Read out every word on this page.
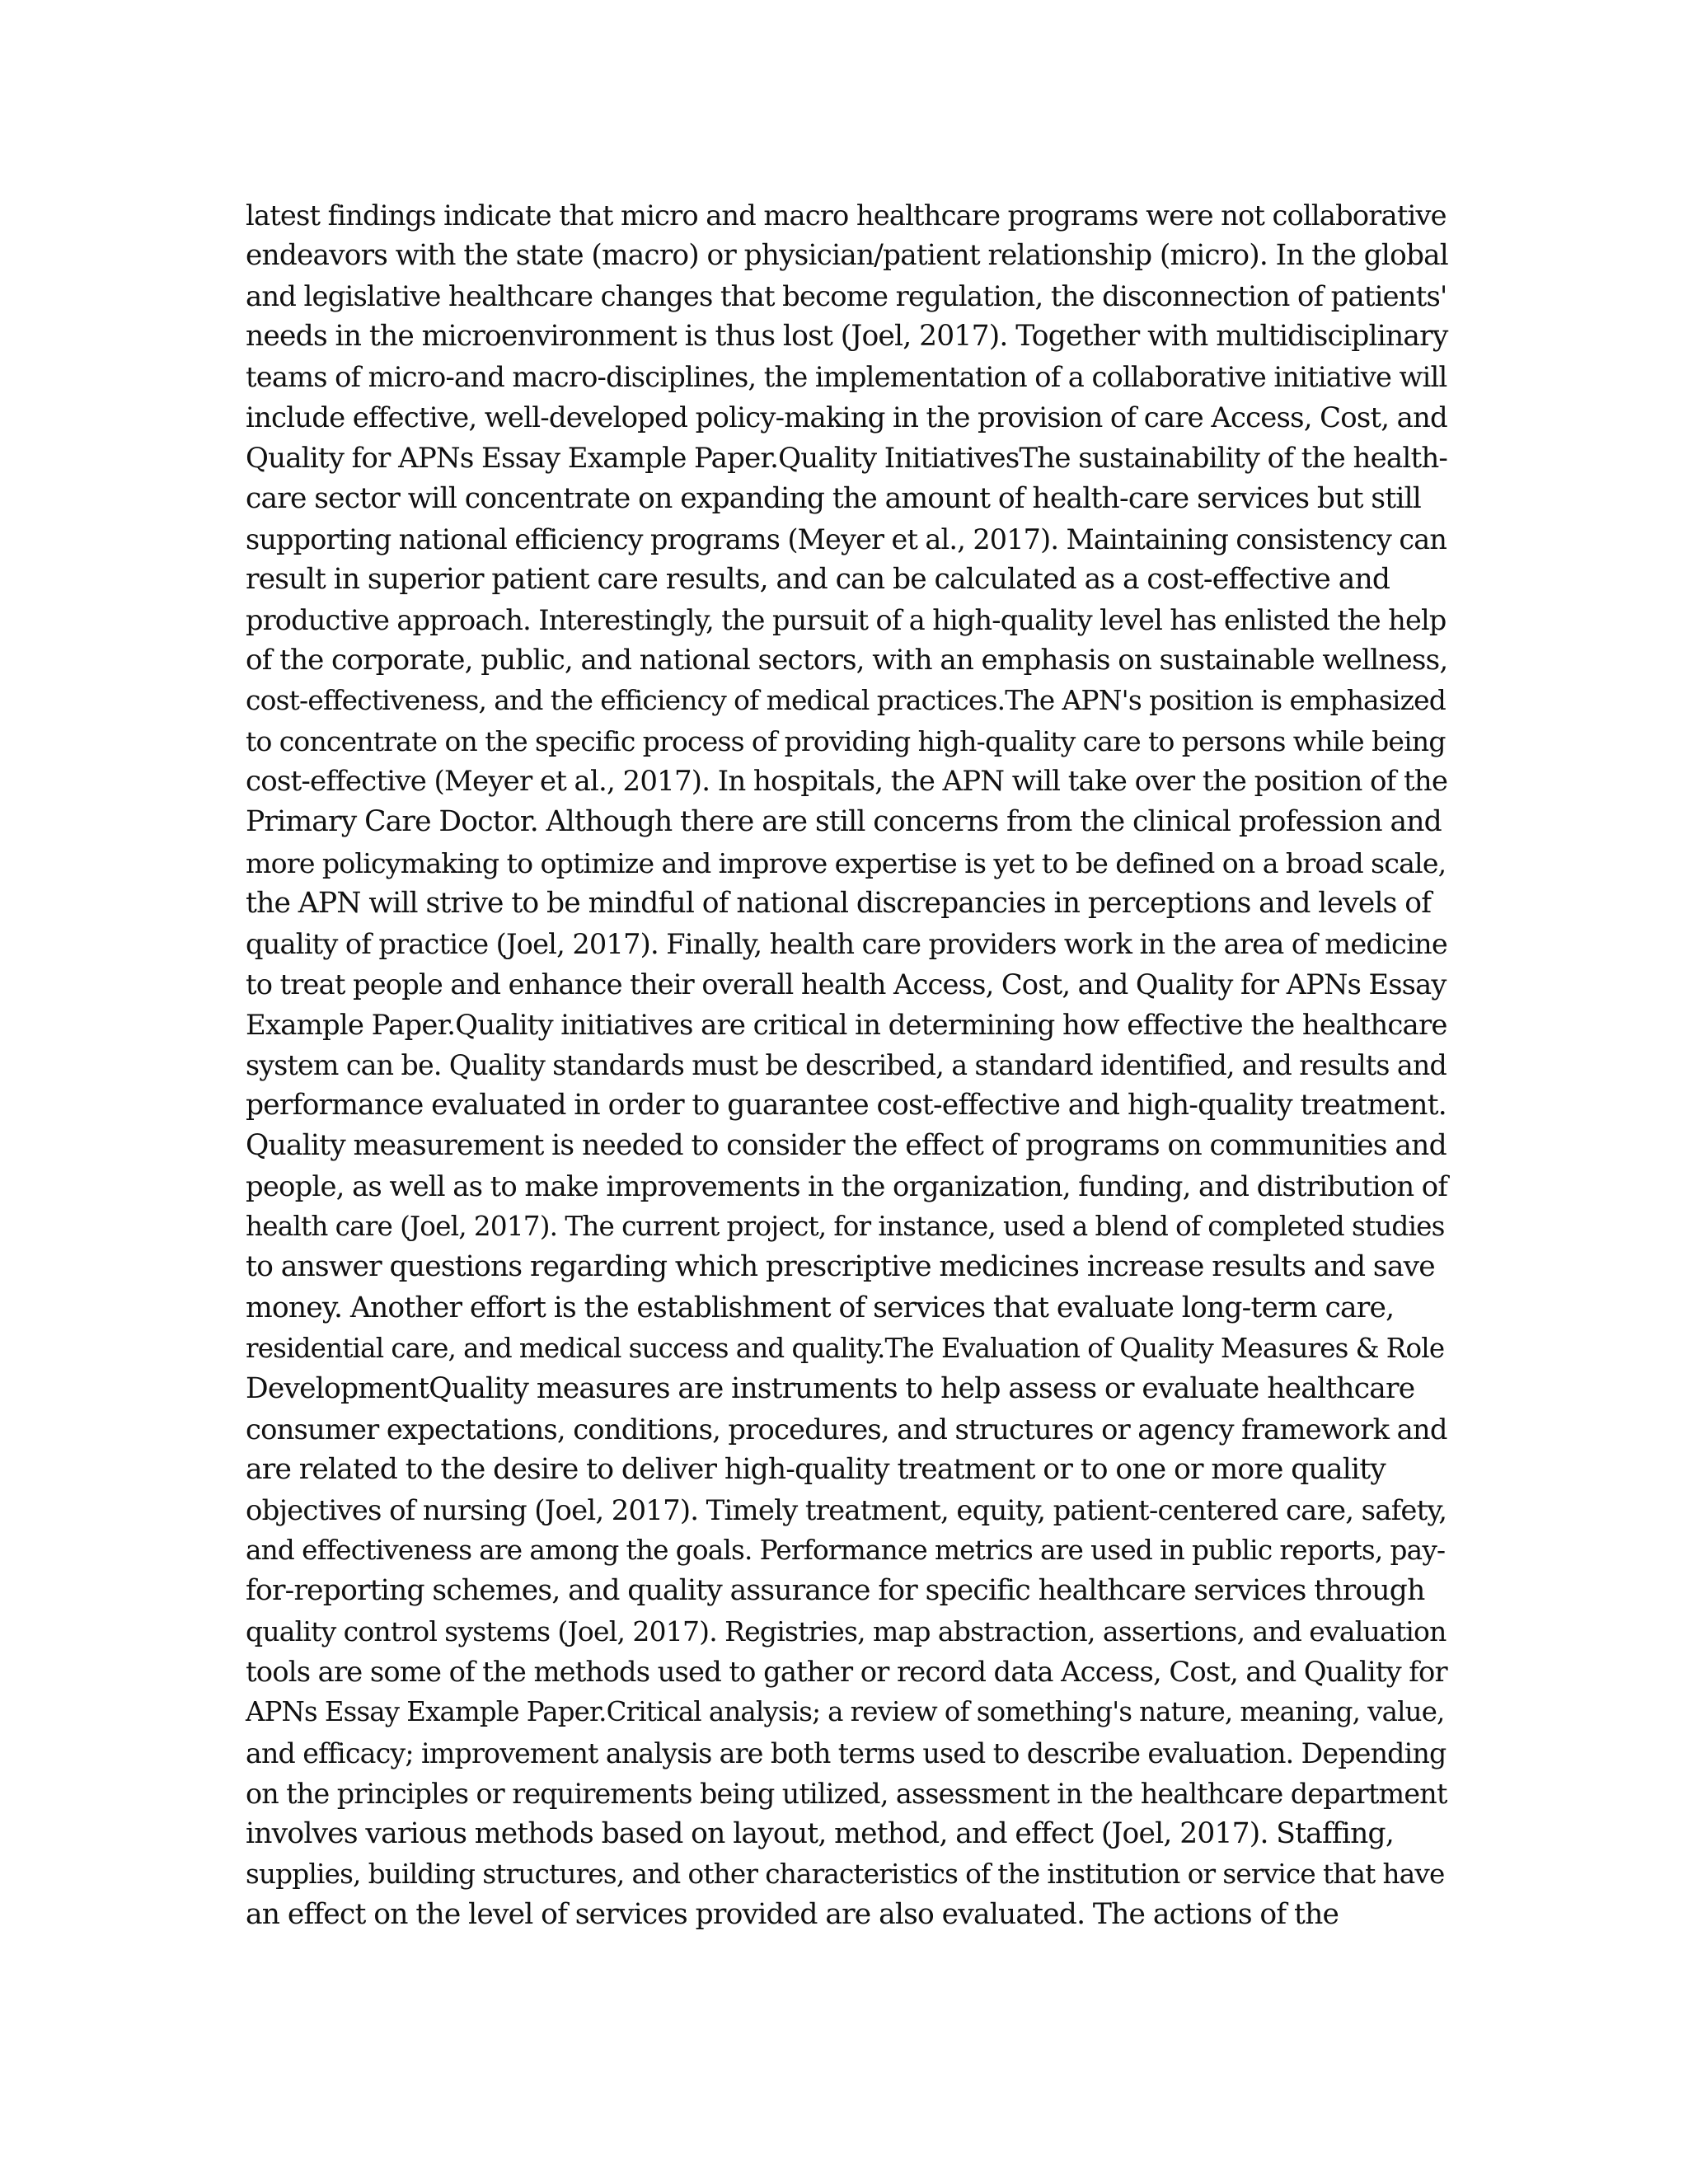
latest findings indicate that micro and macro healthcare programs were not collaborative
endeavors with the state (macro) or physician/patient relationship (micro). In the global
and legislative healthcare changes that become regulation, the disconnection of patients'
needs in the microenvironment is thus lost (Joel, 2017). Together with multidisciplinary
teams of micro-and macro-disciplines, the implementation of a collaborative initiative will
include effective, well-developed policy-making in the provision of care Access, Cost, and
Quality for APNs Essay Example Paper.Quality InitiativesThe sustainability of the health-
care sector will concentrate on expanding the amount of health-care services but still
supporting national efficiency programs (Meyer et al., 2017). Maintaining consistency can
result in superior patient care results, and can be calculated as a cost-effective and
productive approach. Interestingly, the pursuit of a high-quality level has enlisted the help
of the corporate, public, and national sectors, with an emphasis on sustainable wellness,
cost-effectiveness, and the efficiency of medical practices.The APN's position is emphasized
to concentrate on the specific process of providing high-quality care to persons while being
cost-effective (Meyer et al., 2017). In hospitals, the APN will take over the position of the
Primary Care Doctor. Although there are still concerns from the clinical profession and
more policymaking to optimize and improve expertise is yet to be defined on a broad scale,
the APN will strive to be mindful of national discrepancies in perceptions and levels of
quality of practice (Joel, 2017). Finally, health care providers work in the area of medicine
to treat people and enhance their overall health Access, Cost, and Quality for APNs Essay
Example Paper.Quality initiatives are critical in determining how effective the healthcare
system can be. Quality standards must be described, a standard identified, and results and
performance evaluated in order to guarantee cost-effective and high-quality treatment.
Quality measurement is needed to consider the effect of programs on communities and
people, as well as to make improvements in the organization, funding, and distribution of
health care (Joel, 2017). The current project, for instance, used a blend of completed studies
to answer questions regarding which prescriptive medicines increase results and save
money. Another effort is the establishment of services that evaluate long-term care,
residential care, and medical success and quality.The Evaluation of Quality Measures & Role
DevelopmentQuality measures are instruments to help assess or evaluate healthcare
consumer expectations, conditions, procedures, and structures or agency framework and
are related to the desire to deliver high-quality treatment or to one or more quality
objectives of nursing (Joel, 2017). Timely treatment, equity, patient-centered care, safety,
and effectiveness are among the goals. Performance metrics are used in public reports, pay-
for-reporting schemes, and quality assurance for specific healthcare services through
quality control systems (Joel, 2017). Registries, map abstraction, assertions, and evaluation
tools are some of the methods used to gather or record data Access, Cost, and Quality for
APNs Essay Example Paper.Critical analysis; a review of something's nature, meaning, value,
and efficacy; improvement analysis are both terms used to describe evaluation. Depending
on the principles or requirements being utilized, assessment in the healthcare department
involves various methods based on layout, method, and effect (Joel, 2017). Staffing,
supplies, building structures, and other characteristics of the institution or service that have
an effect on the level of services provided are also evaluated. The actions of the
